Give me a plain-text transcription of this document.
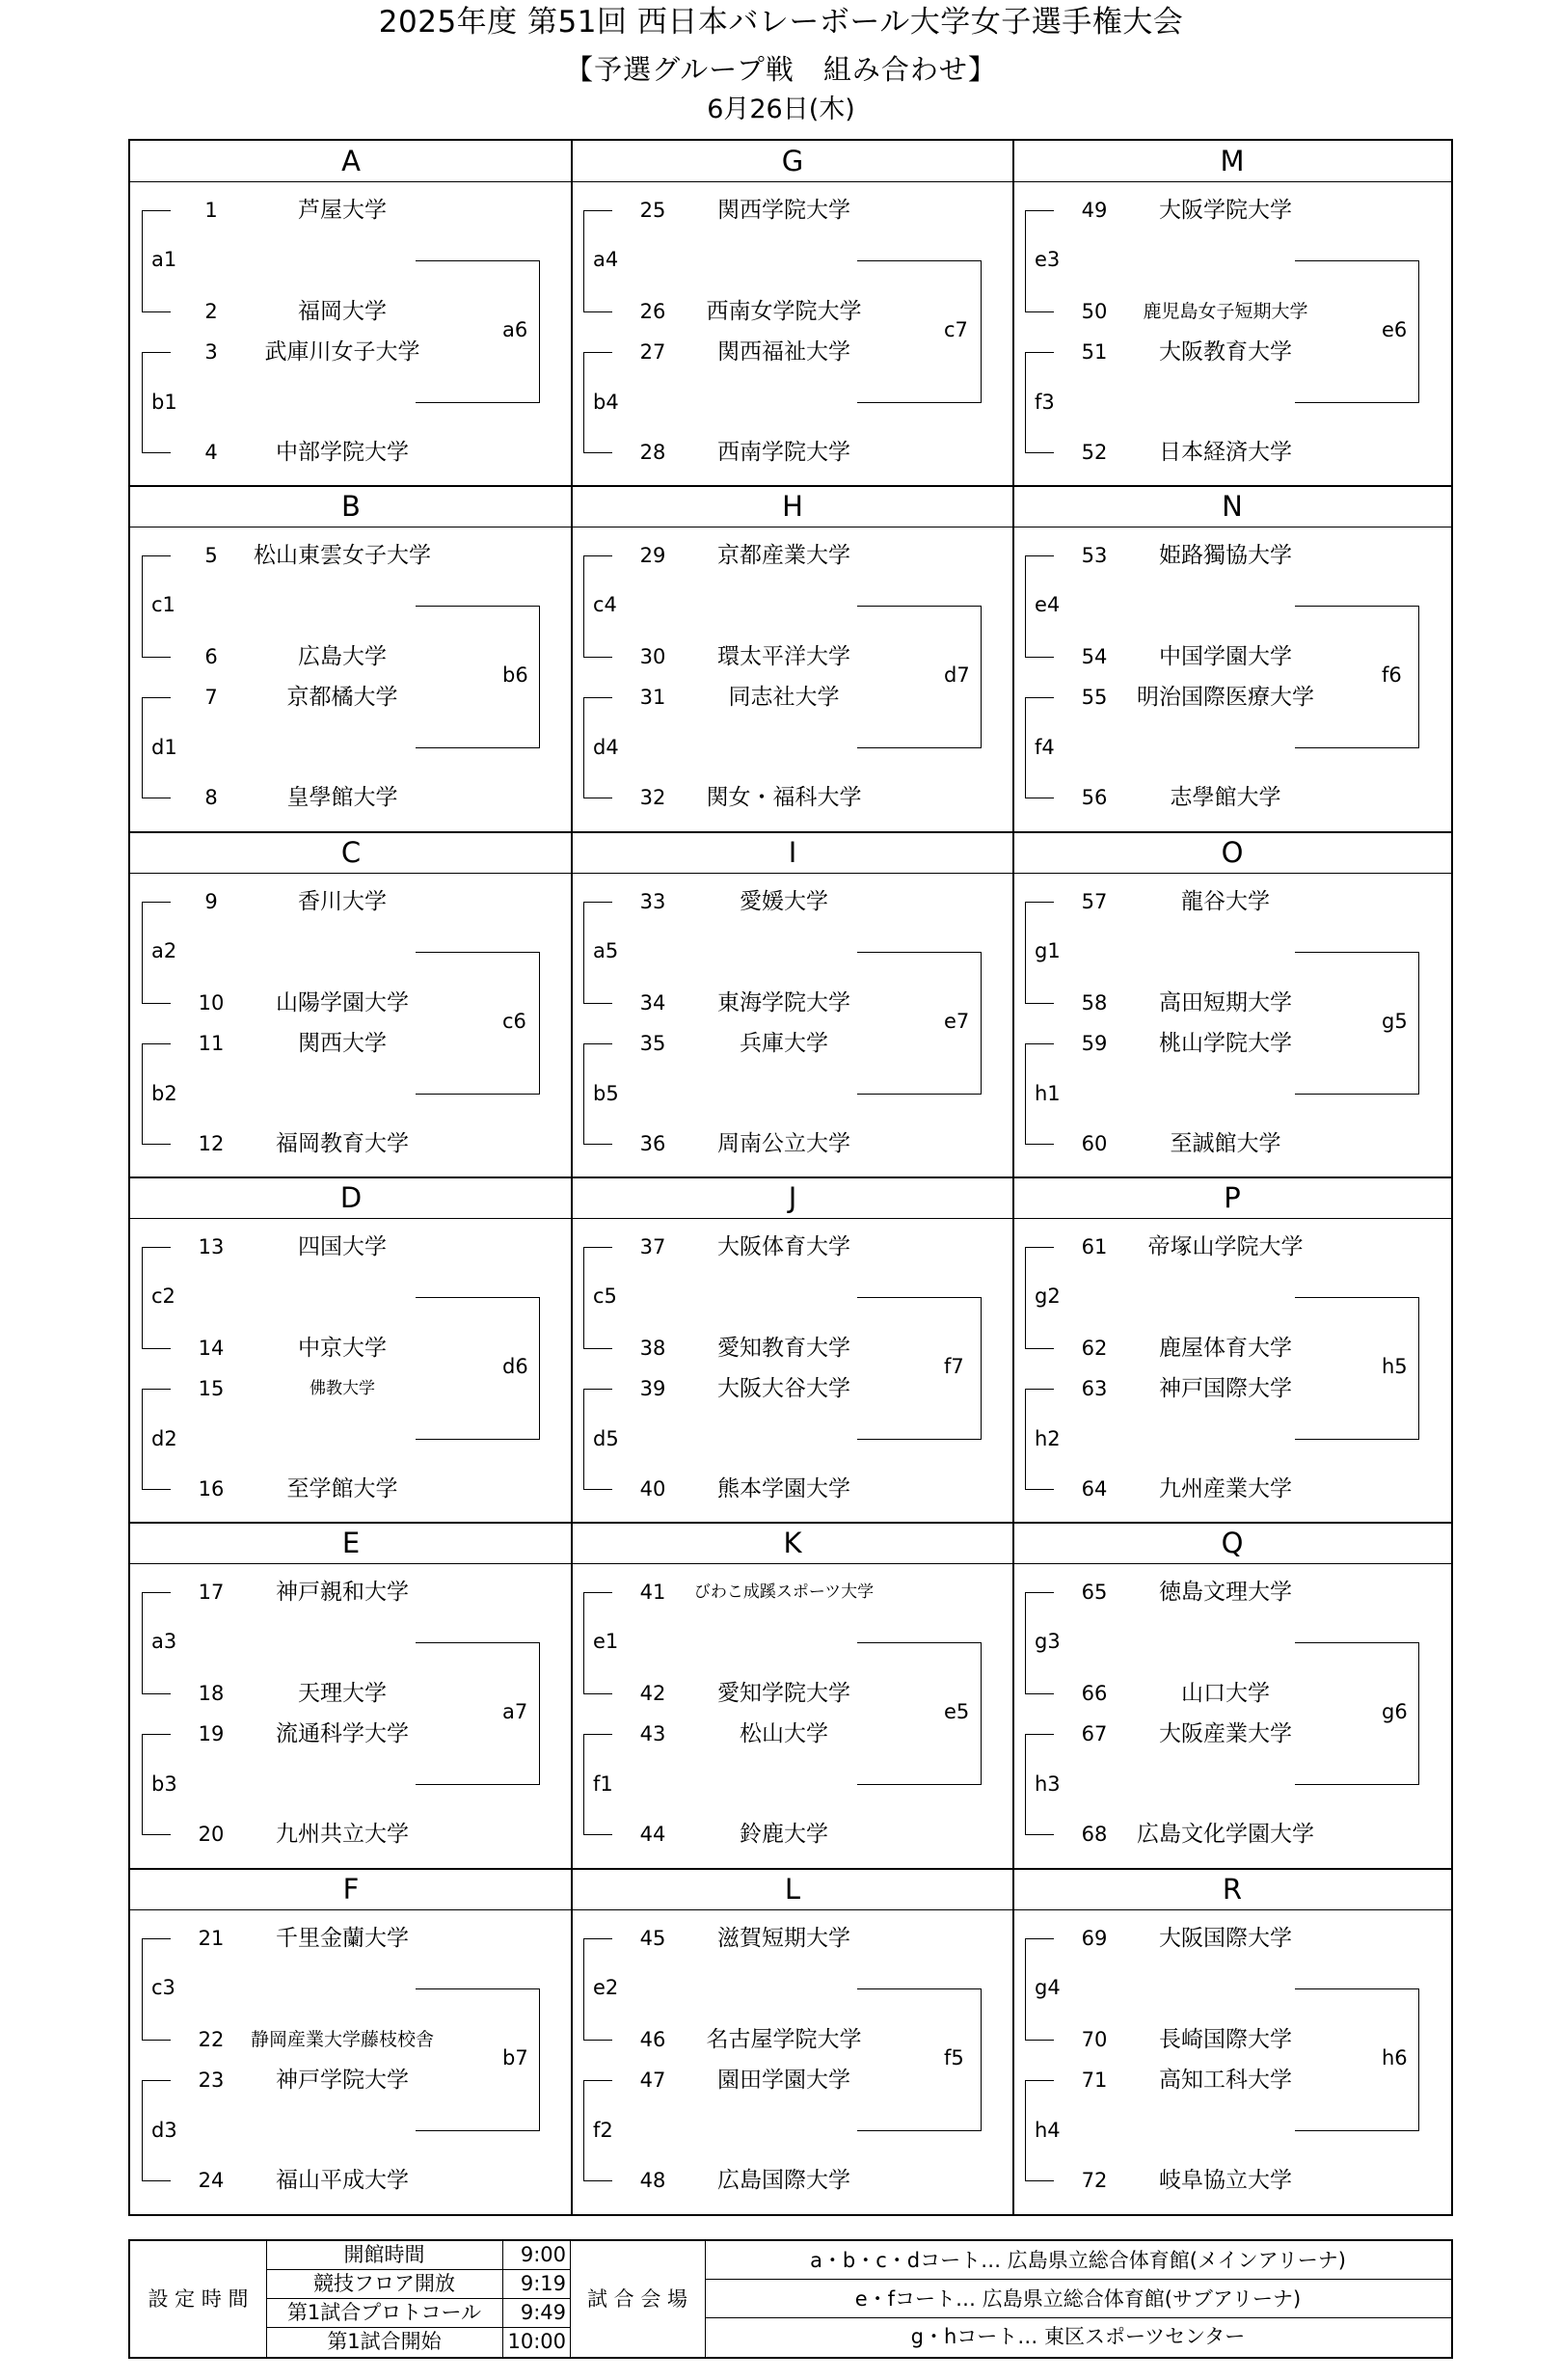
2025年度 第51回 西日本バレーボール大学女子選手権大会
【予選グループ戦　組み合わせ】
6月26日(木)
A
1	芦屋大学
2	福岡大学
3	武庫川女子大学
4	中部学院大学
a1
b1
a6
G
25	関西学院大学
26	西南女学院大学
27	関西福祉大学
28	西南学院大学
a4
b4
c7
M
49	大阪学院大学
50	鹿児島女子短期大学
51	大阪教育大学
52	日本経済大学
e3
f3
e6
B
5	松山東雲女子大学
6	広島大学
7	京都橘大学
8	皇學館大学
c1
d1
b6
H
29	京都産業大学
30	環太平洋大学
31	同志社大学
32	関女・福科大学
c4
d4
d7
N
53	姫路獨協大学
54	中国学園大学
55	明治国際医療大学
56	志學館大学
e4
f4
f6
C
9	香川大学
10	山陽学園大学
11	関西大学
12	福岡教育大学
a2
b2
c6
I
33	愛媛大学
34	東海学院大学
35	兵庫大学
36	周南公立大学
a5
b5
e7
O
57	龍谷大学
58	高田短期大学
59	桃山学院大学
60	至誠館大学
g1
h1
g5
D
13	四国大学
14	中京大学
15	佛教大学
16	至学館大学
c2
d2
d6
J
37	大阪体育大学
38	愛知教育大学
39	大阪大谷大学
40	熊本学園大学
c5
d5
f7
P
61	帝塚山学院大学
62	鹿屋体育大学
63	神戸国際大学
64	九州産業大学
g2
h2
h5
E
17	神戸親和大学
18	天理大学
19	流通科学大学
20	九州共立大学
a3
b3
a7
K
41	びわこ成蹊スポーツ大学
42	愛知学院大学
43	松山大学
44	鈴鹿大学
e1
f1
e5
Q
65	徳島文理大学
66	山口大学
67	大阪産業大学
68	広島文化学園大学
g3
h3
g6
F
21	千里金蘭大学
22	静岡産業大学藤枝校舎
23	神戸学院大学
24	福山平成大学
c3
d3
b7
L
45	滋賀短期大学
46	名古屋学院大学
47	園田学園大学
48	広島国際大学
e2
f2
f5
R
69	大阪国際大学
70	長崎国際大学
71	高知工科大学
72	岐阜協立大学
g4
h4
h6
設 定 時 間
開館時間	9:00
競技フロア開放	9:19
第1試合プロトコール	9:49
第1試合開始	10:00
試 合 会 場
a・b・c・dコート… 広島県立総合体育館(メインアリーナ)
e・fコート… 広島県立総合体育館(サブアリーナ)
g・hコート… 東区スポーツセンター
